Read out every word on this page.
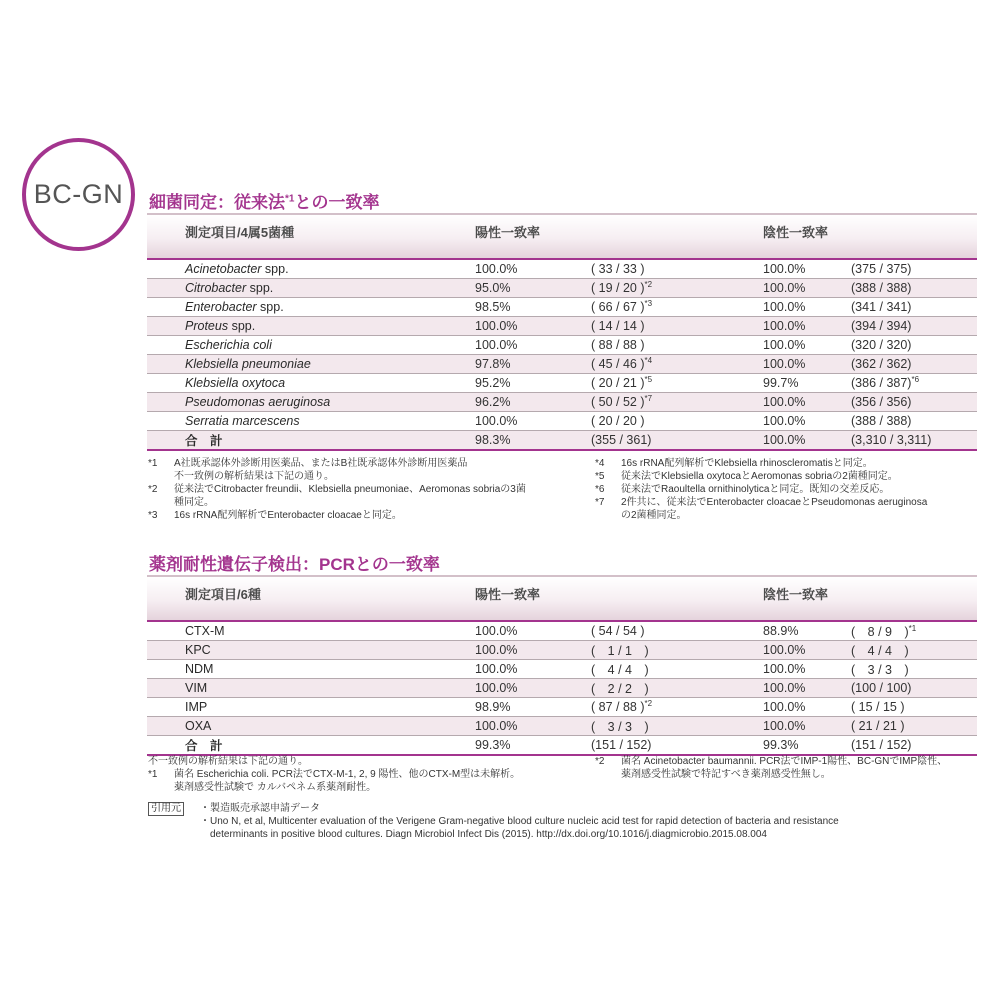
BC-GN	細菌同定：従来法$^{*1}$との一致率
測定項目/4属5菌種	陽性一致率		陰性一致率	
Acinetobacter spp.	100.0%	( 33 / 33 )	100.0%	(375 / 375)
Citrobacter spp.	95.0%	( 19 / 20 )$^{*2}$	100.0%	(388 / 388)
Enterobacter spp.	98.5%	( 66 / 67 )$^{*3}$	100.0%	(341 / 341)
Proteus spp.	100.0%	( 14 / 14 )	100.0%	(394 / 394)
Escherichia coli	100.0%	( 88 / 88 )	100.0%	(320 / 320)
Klebsiella pneumoniae	97.8%	( 45 / 46 )$^{*4}$	100.0%	(362 / 362)
Klebsiella oxytoca	95.2%	( 20 / 21 )$^{*5}$	99.7%	(386 / 387)$^{*6}$
Pseudomonas aeruginosa	96.2%	( 50 / 52 )$^{*7}$	100.0%	(356 / 356)
Serratia marcescens	100.0%	( 20 / 20 )	100.0%	(388 / 388)
合　計	98.3%	(355 / 361)	100.0%	(3,310 / 3,311)
*1	A社既承認体外診断用医薬品、またはB社既承認体外診断用医薬品
不一致例の解析結果は下記の通り。
*2	従来法でCitrobacter freundii、Klebsiella pneumoniae、Aeromonas sobriaの3菌
種同定。
*3	16s rRNA配列解析でEnterobacter cloacaeと同定。
*4	16s rRNA配列解析でKlebsiella rhinoscleromatisと同定。
*5	従来法でKlebsiella oxytocaとAeromonas sobriaの2菌種同定。
*6	従来法でRaoultella ornithinolyticaと同定。既知の交差反応。
*7	2件共に、従来法でEnterobacter cloacaeとPseudomonas aeruginosa
の2菌種同定。
薬剤耐性遺伝子検出：PCRとの一致率
測定項目/6種	陽性一致率		陰性一致率	
CTX-M	100.0%	( 54 / 54 )	88.9%	(　8 / 9　)$^{*1}$
KPC	100.0%	(　1 / 1　)	100.0%	(　4 / 4　)
NDM	100.0%	(　4 / 4　)	100.0%	(　3 / 3　)
VIM	100.0%	(　2 / 2　)	100.0%	(100 / 100)
IMP	98.9%	( 87 / 88 )$^{*2}$	100.0%	( 15 / 15 )
OXA	100.0%	(　3 / 3　)	100.0%	( 21 / 21 )
合　計	99.3%	(151 / 152)	99.3%	(151 / 152)
不一致例の解析結果は下記の通り。
*1	菌名 Escherichia coli. PCR法でCTX-M-1, 2, 9 陽性、他のCTX-M型は未解析。
薬剤感受性試験で カルバペネム系薬剤耐性。
*2	菌名 Acinetobacter baumannii. PCR法でIMP-1陽性、BC-GNでIMP陰性、
薬剤感受性試験で特記すべき薬剤感受性無し。
引用元	・製造販売承認申請データ
・Uno N, et al, Multicenter evaluation of the Verigene Gram-negative blood culture nucleic acid test for rapid detection of bacteria and resistance
　determinants in positive blood cultures. Diagn Microbiol Infect Dis (2015). http://dx.doi.org/10.1016/j.diagmicrobio.2015.08.004
